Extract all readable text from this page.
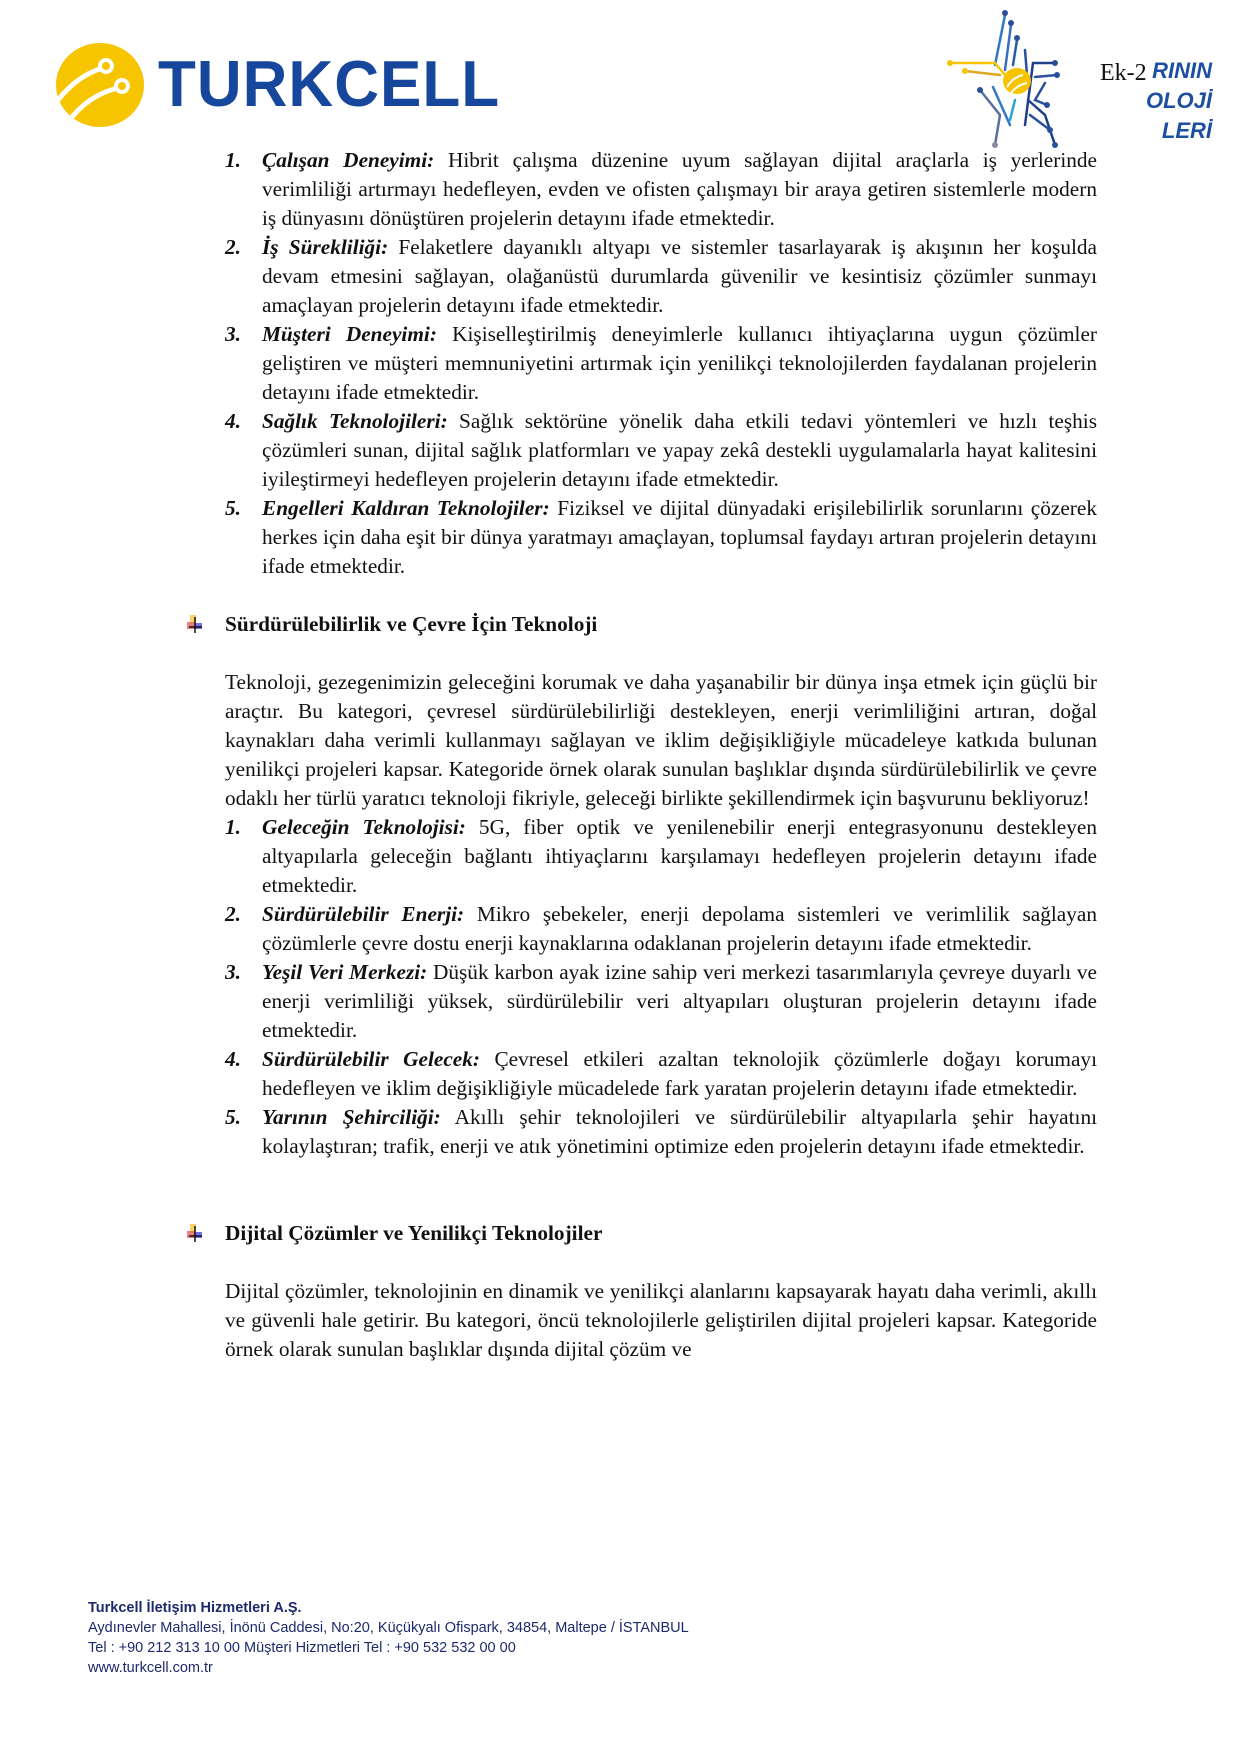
TURKCELL	RININ
OLOJİ
LERİ
Ek-2
1. Çalışan Deneyimi: Hibrit çalışma düzenine uyum sağlayan dijital araçlarla iş yerlerinde verimliliği artırmayı hedefleyen, evden ve ofisten çalışmayı bir araya getiren sistemlerle modern iş dünyasını dönüştüren projelerin detayını ifade etmektedir.
2. İş Sürekliliği: Felaketlere dayanıklı altyapı ve sistemler tasarlayarak iş akışının her koşulda devam etmesini sağlayan, olağanüstü durumlarda güvenilir ve kesintisiz çözümler sunmayı amaçlayan projelerin detayını ifade etmektedir.
3. Müşteri Deneyimi: Kişiselleştirilmiş deneyimlerle kullanıcı ihtiyaçlarına uygun çözümler geliştiren ve müşteri memnuniyetini artırmak için yenilikçi teknolojilerden faydalanan projelerin detayını ifade etmektedir.
4. Sağlık Teknolojileri: Sağlık sektörüne yönelik daha etkili tedavi yöntemleri ve hızlı teşhis çözümleri sunan, dijital sağlık platformları ve yapay zekâ destekli uygulamalarla hayat kalitesini iyileştirmeyi hedefleyen projelerin detayını ifade etmektedir.
5. Engelleri Kaldıran Teknolojiler: Fiziksel ve dijital dünyadaki erişilebilirlik sorunlarını çözerek herkes için daha eşit bir dünya yaratmayı amaçlayan, toplumsal faydayı artıran projelerin detayını ifade etmektedir.
Sürdürülebilirlik ve Çevre İçin Teknoloji
Teknoloji, gezegenimizin geleceğini korumak ve daha yaşanabilir bir dünya inşa etmek için güçlü bir araçtır. Bu kategori, çevresel sürdürülebilirliği destekleyen, enerji verimliliğini artıran, doğal kaynakları daha verimli kullanmayı sağlayan ve iklim değişikliğiyle mücadeleye katkıda bulunan yenilikçi projeleri kapsar. Kategoride örnek olarak sunulan başlıklar dışında sürdürülebilirlik ve çevre odaklı her türlü yaratıcı teknoloji fikriyle, geleceği birlikte şekillendirmek için başvurunu bekliyoruz!
1. Geleceğin Teknolojisi: 5G, fiber optik ve yenilenebilir enerji entegrasyonunu destekleyen altyapılarla geleceğin bağlantı ihtiyaçlarını karşılamayı hedefleyen projelerin detayını ifade etmektedir.
2. Sürdürülebilir Enerji: Mikro şebekeler, enerji depolama sistemleri ve verimlilik sağlayan çözümlerle çevre dostu enerji kaynaklarına odaklanan projelerin detayını ifade etmektedir.
3. Yeşil Veri Merkezi: Düşük karbon ayak izine sahip veri merkezi tasarımlarıyla çevreye duyarlı ve enerji verimliliği yüksek, sürdürülebilir veri altyapıları oluşturan projelerin detayını ifade etmektedir.
4. Sürdürülebilir Gelecek: Çevresel etkileri azaltan teknolojik çözümlerle doğayı korumayı hedefleyen ve iklim değişikliğiyle mücadelede fark yaratan projelerin detayını ifade etmektedir.
5. Yarının Şehirciliği: Akıllı şehir teknolojileri ve sürdürülebilir altyapılarla şehir hayatını kolaylaştıran; trafik, enerji ve atık yönetimini optimize eden projelerin detayını ifade etmektedir.
Dijital Çözümler ve Yenilikçi Teknolojiler
Dijital çözümler, teknolojinin en dinamik ve yenilikçi alanlarını kapsayarak hayatı daha verimli, akıllı ve güvenli hale getirir. Bu kategori, öncü teknolojilerle geliştirilen dijital projeleri kapsar. Kategoride örnek olarak sunulan başlıklar dışında dijital çözüm ve
Turkcell İletişim Hizmetleri A.Ş.
Aydınevler Mahallesi, İnönü Caddesi, No:20, Küçükyalı Ofispark, 34854, Maltepe / İSTANBUL
Tel : +90 212 313 10 00 Müşteri Hizmetleri Tel : +90 532 532 00 00
www.turkcell.com.tr
